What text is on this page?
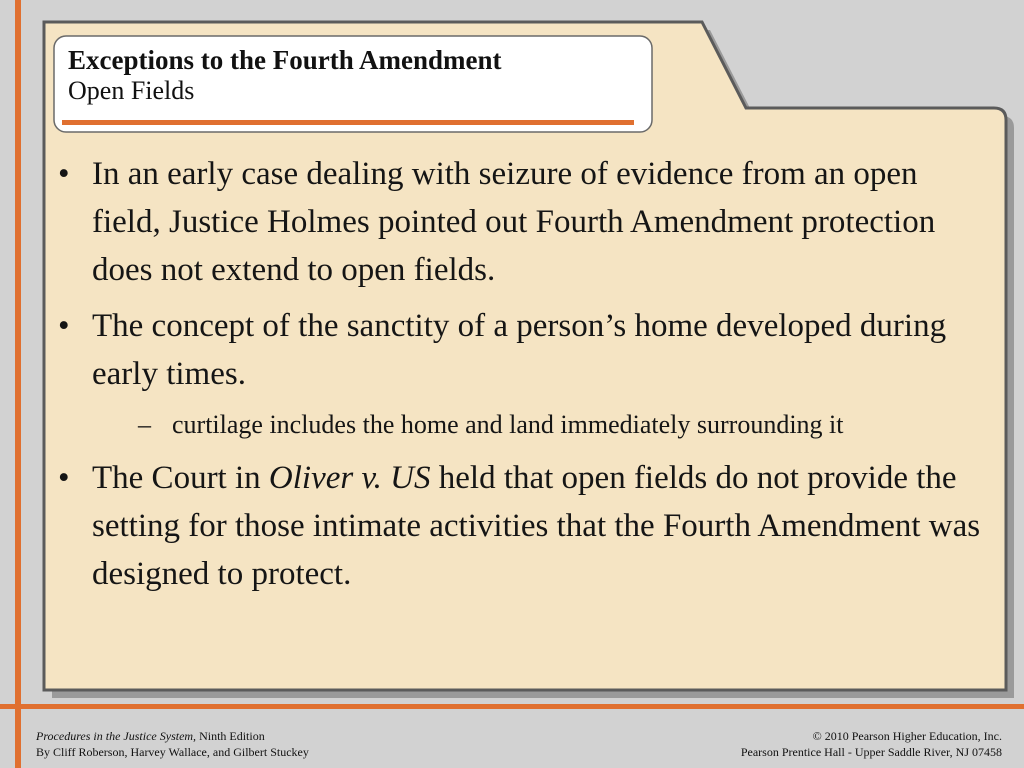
Exceptions to the Fourth Amendment
Open Fields
• In an early case dealing with seizure of evidence from an open field, Justice Holmes pointed out Fourth Amendment protection does not extend to open fields.
• The concept of the sanctity of a person’s home developed during early times.
– curtilage includes the home and land immediately surrounding it
• The Court in Oliver v. US held that open fields do not provide the setting for those intimate activities that the Fourth Amendment was designed to protect.
Procedures in the Justice System, Ninth Edition
By Cliff Roberson, Harvey Wallace, and Gilbert Stuckey
© 2010 Pearson Higher Education, Inc.
Pearson Prentice Hall - Upper Saddle River, NJ 07458
